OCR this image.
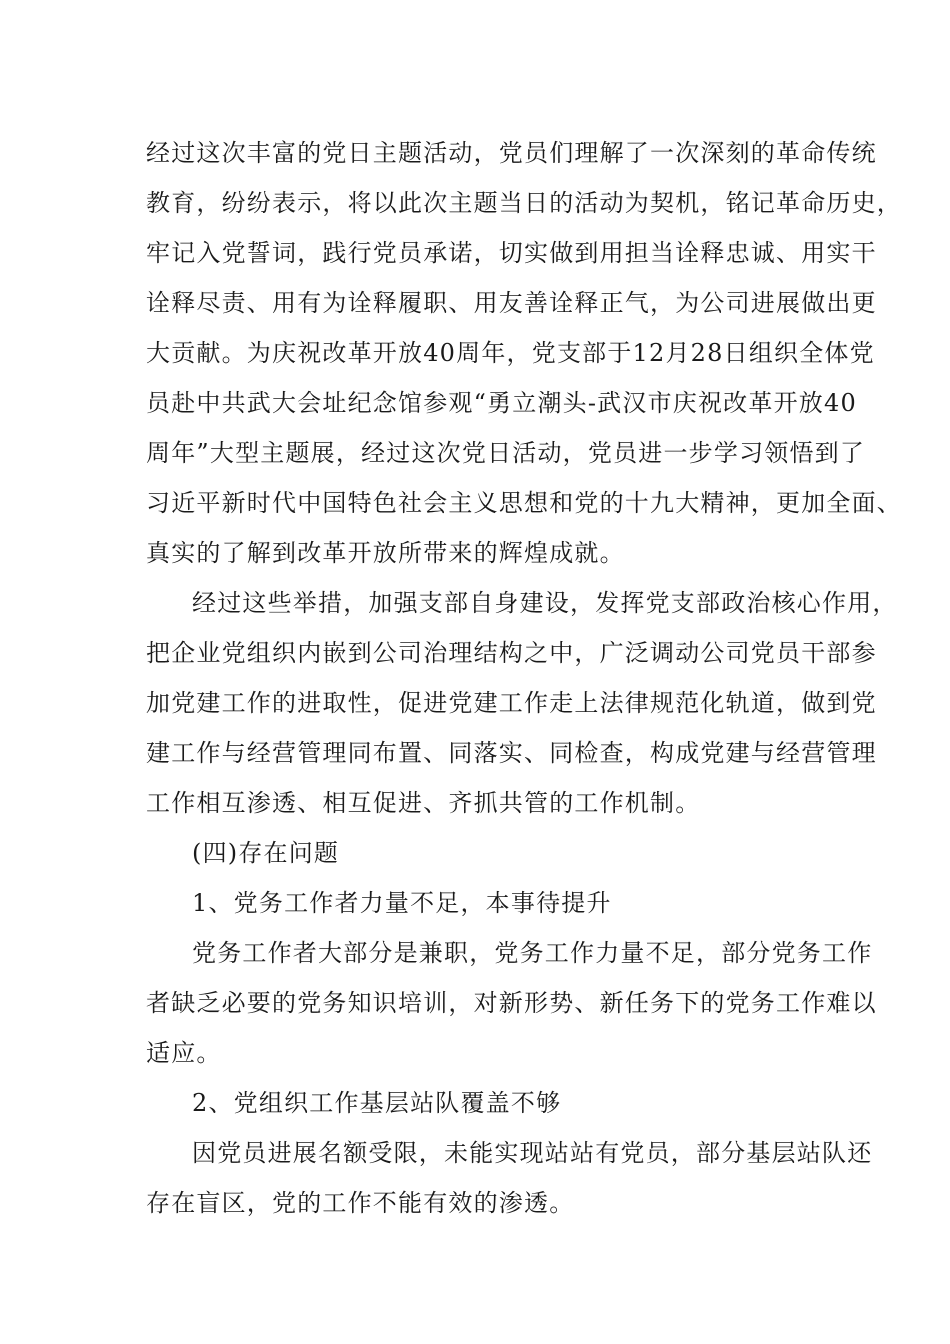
经过这次丰富的党日主题活动，党员们理解了一次深刻的革命传统
教育，纷纷表示，将以此次主题当日的活动为契机，铭记革命历史，
牢记入党誓词，践行党员承诺，切实做到用担当诠释忠诚、用实干
诠释尽责、用有为诠释履职、用友善诠释正气，为公司进展做出更
大贡献。为庆祝改革开放40周年，党支部于12月28日组织全体党
员赴中共武大会址纪念馆参观“勇立潮头-武汉市庆祝改革开放40
周年”大型主题展，经过这次党日活动，党员进一步学习领悟到了
习近平新时代中国特色社会主义思想和党的十九大精神，更加全面、
真实的了解到改革开放所带来的辉煌成就。
经过这些举措，加强支部自身建设，发挥党支部政治核心作用，
把企业党组织内嵌到公司治理结构之中，广泛调动公司党员干部参
加党建工作的进取性，促进党建工作走上法律规范化轨道，做到党
建工作与经营管理同布置、同落实、同检查，构成党建与经营管理
工作相互渗透、相互促进、齐抓共管的工作机制。
(四)存在问题
1、党务工作者力量不足，本事待提升
党务工作者大部分是兼职，党务工作力量不足，部分党务工作
者缺乏必要的党务知识培训，对新形势、新任务下的党务工作难以
适应。
2、党组织工作基层站队覆盖不够
因党员进展名额受限，未能实现站站有党员，部分基层站队还
存在盲区，党的工作不能有效的渗透。
